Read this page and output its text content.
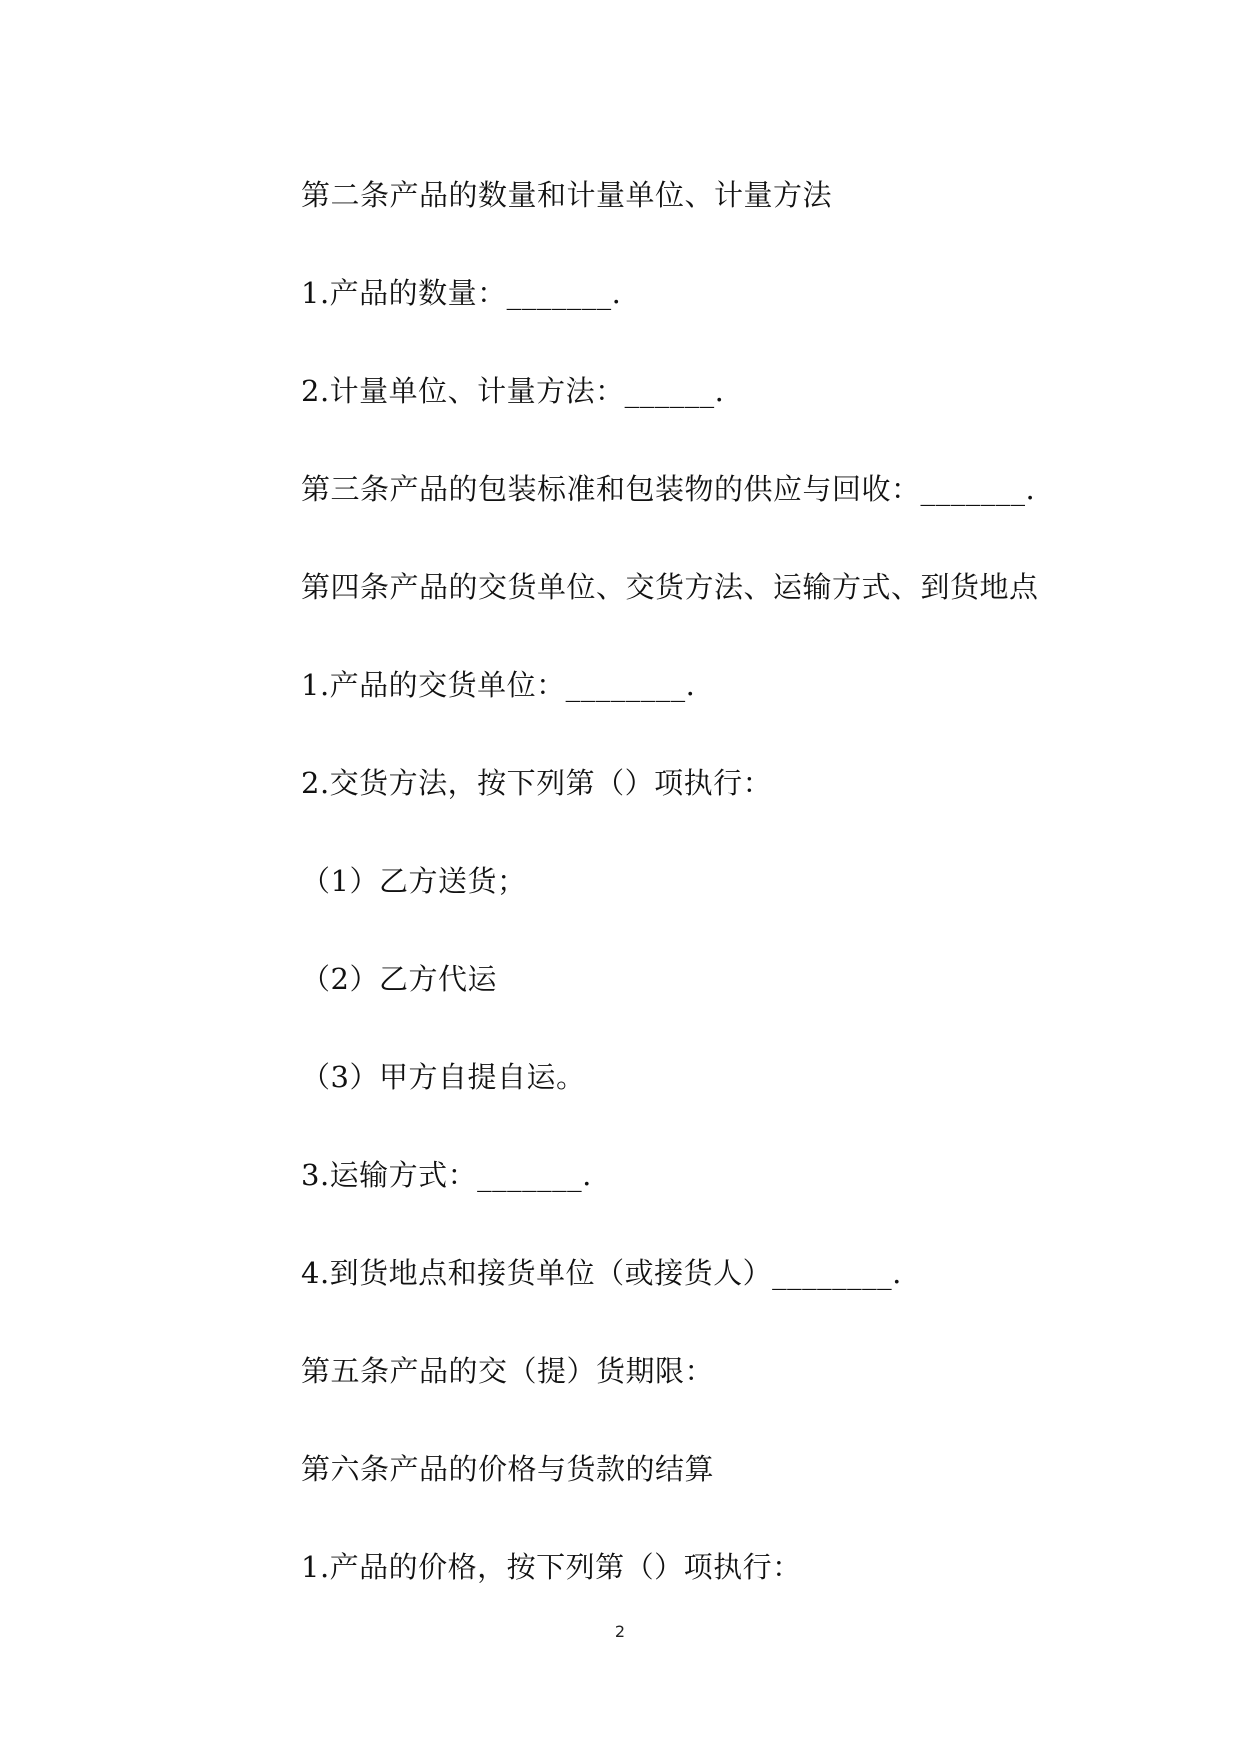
第二条产品的数量和计量单位、计量方法
1.产品的数量：_______.
2.计量单位、计量方法：______.
第三条产品的包装标准和包装物的供应与回收：_______.
第四条产品的交货单位、交货方法、运输方式、到货地点
1.产品的交货单位：________.
2.交货方法，按下列第（）项执行：
（1）乙方送货；
（2）乙方代运
（3）甲方自提自运。
3.运输方式：_______.
4.到货地点和接货单位（或接货人）________.
第五条产品的交（提）货期限：
第六条产品的价格与货款的结算
1.产品的价格，按下列第（）项执行：
2
